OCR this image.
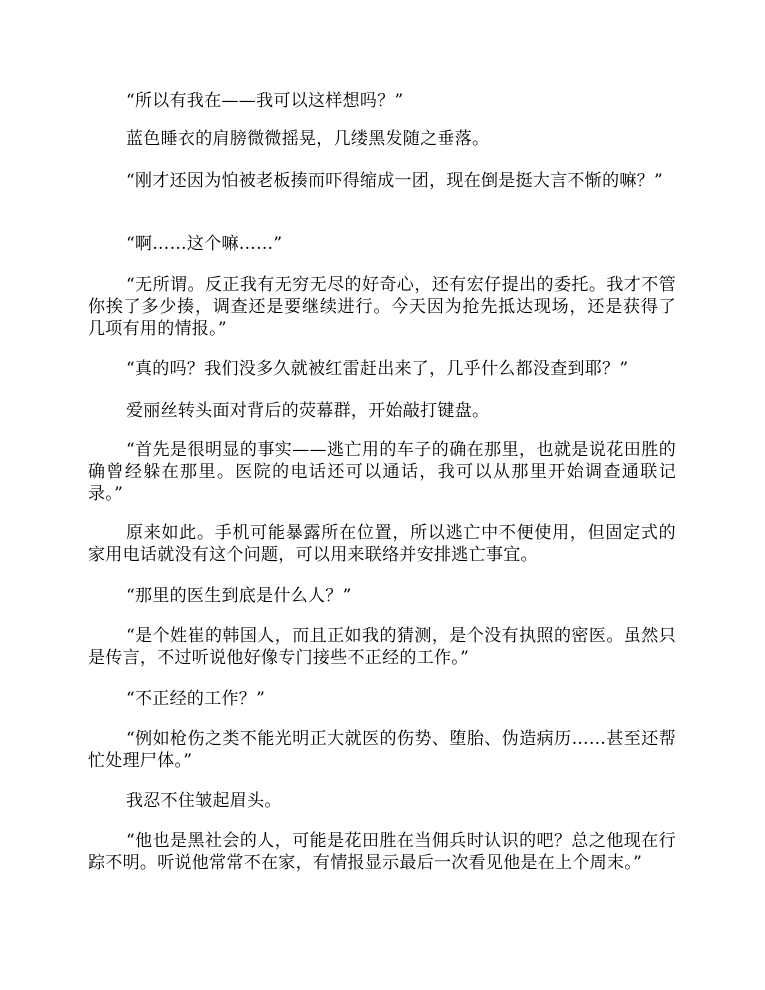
“所以有我在——我可以这样想吗？”

蓝色睡衣的肩膀微微摇晃，几缕黑发随之垂落。

“刚才还因为怕被老板揍而吓得缩成一团，现在倒是挺大言不惭的嘛？”

“啊……这个嘛……”

“无所谓。反正我有无穷无尽的好奇心，还有宏仔提出的委托。我才不管你挨了多少揍，调查还是要继续进行。今天因为抢先抵达现场，还是获得了几项有用的情报。”

“真的吗？我们没多久就被红雷赶出来了，几乎什么都没查到耶？”

爱丽丝转头面对背后的荧幕群，开始敲打键盘。

“首先是很明显的事实——逃亡用的车子的确在那里，也就是说花田胜的确曾经躲在那里。医院的电话还可以通话，我可以从那里开始调查通联记录。”

原来如此。手机可能暴露所在位置，所以逃亡中不便使用，但固定式的家用电话就没有这个问题，可以用来联络并安排逃亡事宜。

“那里的医生到底是什么人？”

“是个姓崔的韩国人，而且正如我的猜测，是个没有执照的密医。虽然只是传言，不过听说他好像专门接些不正经的工作。”

“不正经的工作？”

“例如枪伤之类不能光明正大就医的伤势、堕胎、伪造病历……甚至还帮忙处理尸体。”

我忍不住皱起眉头。

“他也是黑社会的人，可能是花田胜在当佣兵时认识的吧？总之他现在行踪不明。听说他常常不在家，有情报显示最后一次看见他是在上个周末。”
